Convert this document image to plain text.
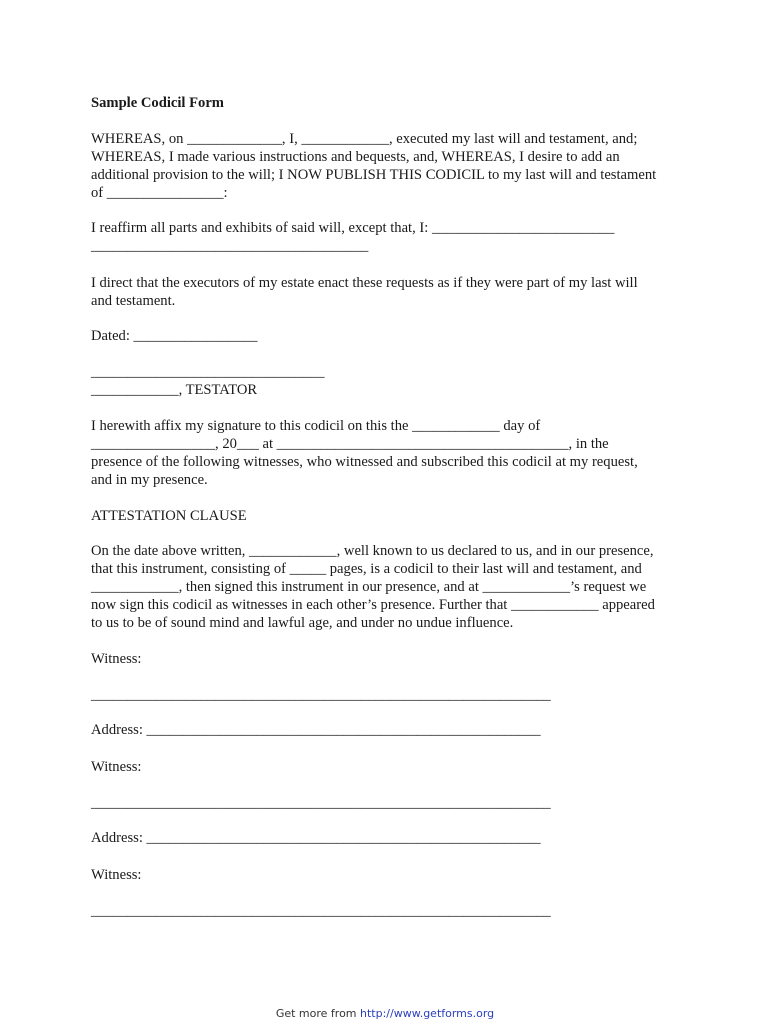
Sample Codicil Form

WHEREAS, on _____________, I, ____________, executed my last will and testament, and;

WHEREAS, I made various instructions and bequests, and, WHEREAS, I desire to add an

additional provision to the will; I NOW PUBLISH THIS CODICIL to my last will and testament

of ________________:

I reaffirm all parts and exhibits of said will, except that, I: _________________________

______________________________________

I direct that the executors of my estate enact these requests as if they were part of my last will

and testament.

Dated: _________________

________________________________

____________, TESTATOR

I herewith affix my signature to this codicil on this the ____________ day of

_________________, 20___ at ________________________________________, in the

presence of the following witnesses, who witnessed and subscribed this codicil at my request,

and in my presence.

ATTESTATION CLAUSE

On the date above written, ____________, well known to us declared to us, and in our presence,

that this instrument, consisting of _____ pages, is a codicil to their last will and testament, and

____________, then signed this instrument in our presence, and at ____________’s request we

now sign this codicil as witnesses in each other’s presence. Further that ____________ appeared

to us to be of sound mind and lawful age, and under no undue influence.

Witness:

_______________________________________________________________

Address: ______________________________________________________

Witness:

_______________________________________________________________

Address: ______________________________________________________

Witness:

_______________________________________________________________

Get more from http://www.getforms.org
